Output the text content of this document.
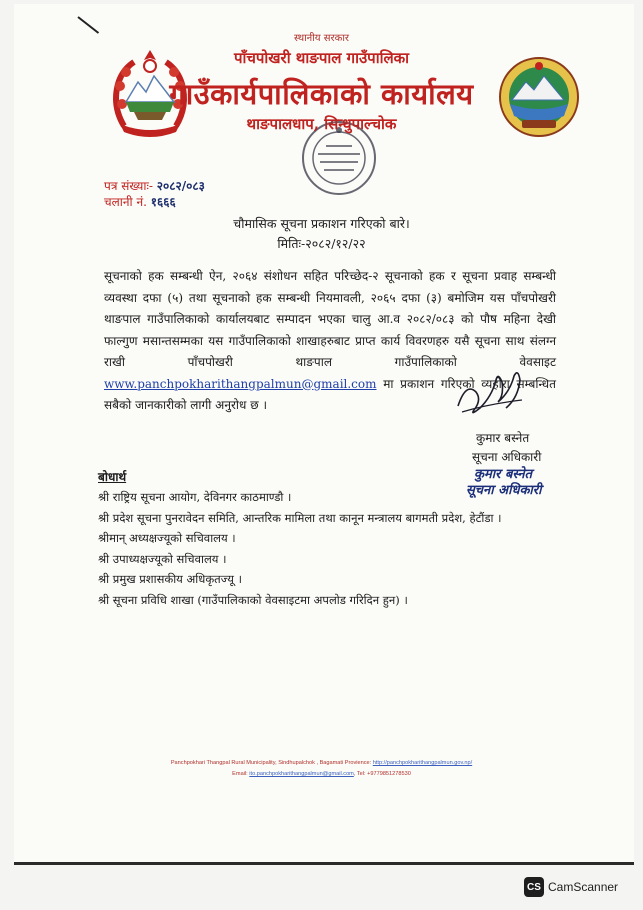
स्थानीय सरकार
पाँचपोखरी थाङपाल गाउँपालिका
गाउँकार्यपालिकाको कार्यालय
थाङपालधाप, सिन्धुपाल्चोक
पत्र संख्याः- २०८२/०८३
चलानी नं. १६६६
चौमासिक सूचना प्रकाशन गरिएको बारे।
मितिः-२०८२/१२/२२

सूचनाको हक सम्बन्धी ऐन, २०६४ संशोधन सहित परिच्छेद-२ सूचनाको हक र सूचना प्रवाह सम्बन्धी व्यवस्था दफा (५) तथा सूचनाको हक सम्बन्धी नियमावली, २०६५ दफा (३) बमोजिम यस पाँचपोखरी थाङपाल गाउँपालिकाको कार्यालयबाट सम्पादन भएका चालु आ.व २०८२/०८३ को पौष महिना देखी फाल्गुण मसान्तसम्मका यस गाउँपालिकाको शाखाहरुबाट प्राप्त कार्य विवरणहरु यसै सूचना साथ संलग्न राखी पाँचपोखरी थाङपाल गाउँपालिकाको वेवसाइट www.panchpokharithangpalmun@gmail.com मा प्रकाशन गरिएको व्यहोरा सम्बन्धित सबैको जानकारीको लागी अनुरोध छ ।

कुमार बस्नेत
सूचना अधिकारी
कुमार बस्नेत
सूचना अधिकारी
बोधार्थ
श्री राष्ट्रिय सूचना आयोग, देविनगर काठमाण्डौ ।
श्री प्रदेश सूचना पुनरावेदन समिति, आन्तरिक मामिला तथा कानून मन्त्रालय बागमती प्रदेश, हेटौंडा ।
श्रीमान् अध्यक्षज्यूको सचिवालय ।
श्री उपाध्यक्षज्यूको सचिवालय ।
श्री प्रमुख प्रशासकीय अधिकृतज्यू ।
श्री सूचना प्रविधि शाखा (गाउँपालिकाको वेवसाइटमा अपलोड गरिदिन हुन) ।
Panchpokhari Thangpal Rural Municipality, Sindhupalchok , Bagamati Provience: http://panchpokharithangpalmun.gov.np/
Email: ito.panchpokharithangpalmun@gmail.com, Tel: +9779851278530
CS CamScanner
